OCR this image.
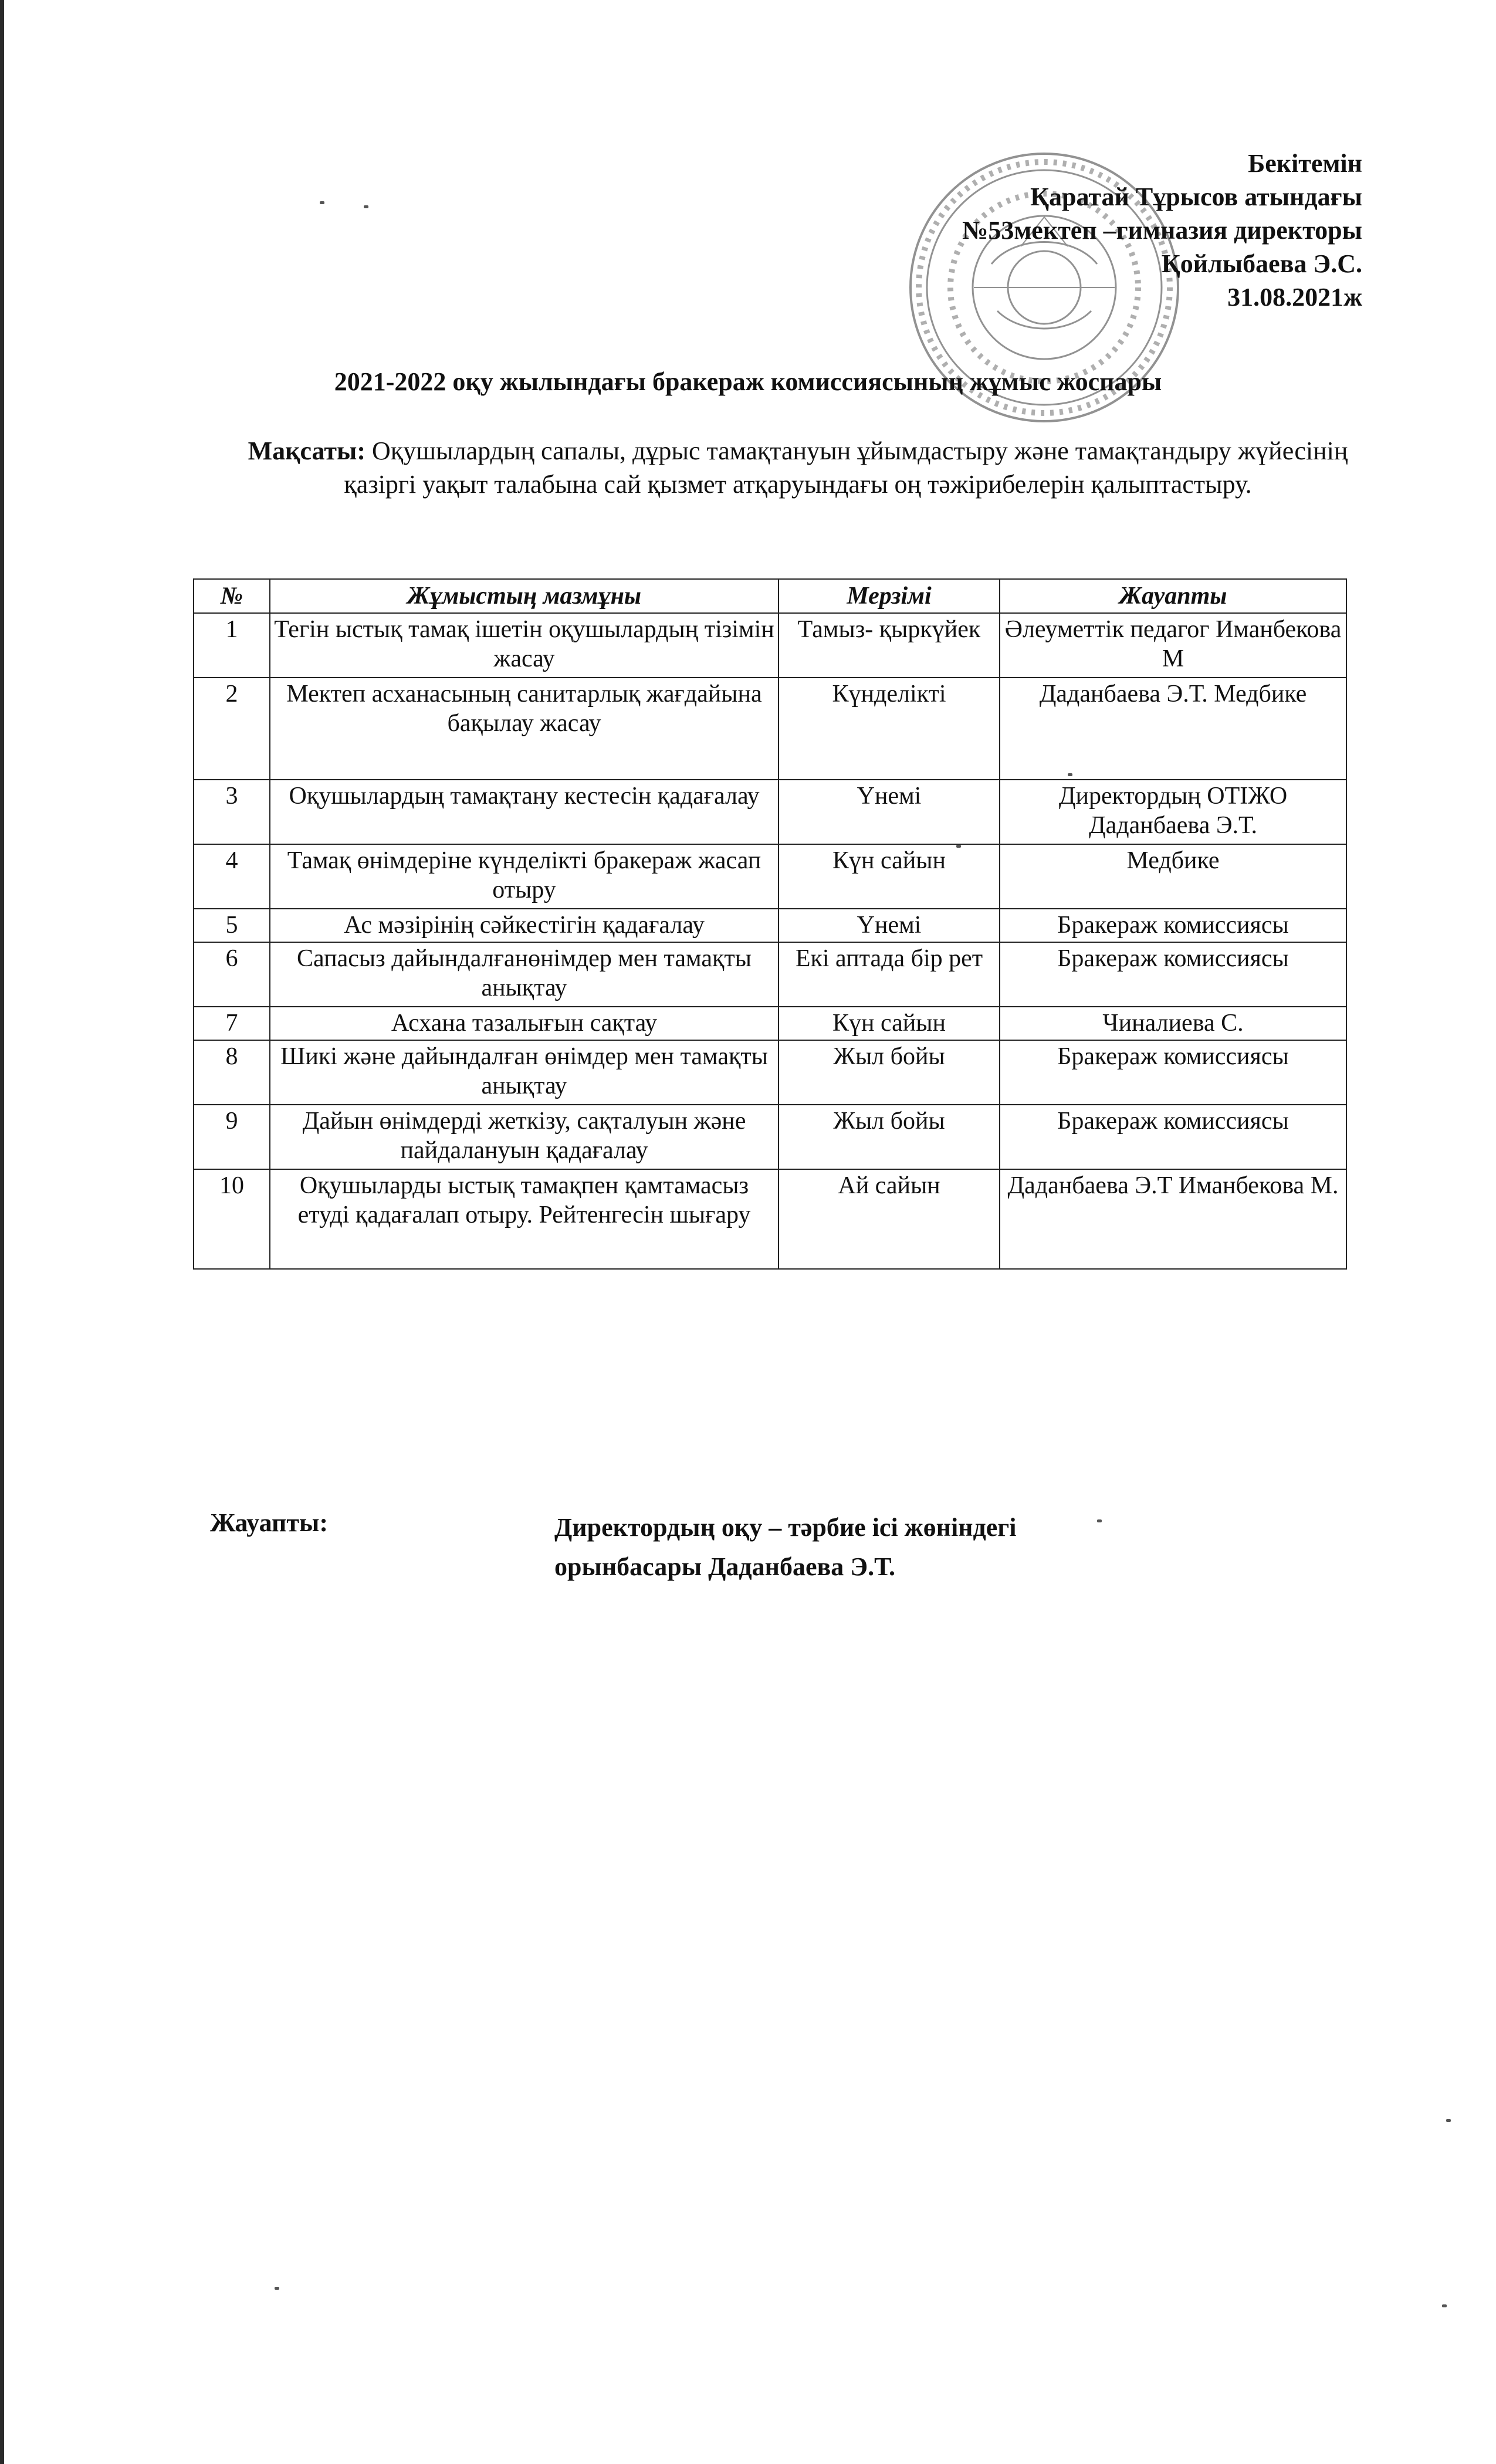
Бекітемін
Қаратай Тұрысов атындағы
№53мектеп –гимназия директоры
Қойлыбаева Э.С.
31.08.2021ж
2021-2022 оқу жылындағы бракераж комиссиясының жұмыс жоспары
Мақсаты: Оқушылардың сапалы, дұрыс тамақтануын ұйымдастыру және тамақтандыру жүйесінің қазіргі уақыт талабына сай қызмет атқаруындағы оң тәжірибелерін қалыптастыру.
№	Жұмыстың мазмұны	Мерзімі	Жауапты
1	Тегін ыстық тамақ ішетін оқушылардың тізімін жасау	Тамыз- қыркүйек	Әлеуметтік педагог Иманбекова М
2	Мектеп асханасының санитарлық жағдайына бақылау жасау	Күнделікті	Даданбаева Э.Т. Медбике
3	Оқушылардың тамақтану кестесін қадағалау	Үнемі	Директордың ОТІЖО Даданбаева Э.Т.
4	Тамақ өнімдеріне күнделікті бракераж жасап отыру	Күн сайын	Медбике
5	Ас мәзірінің сәйкестігін қадағалау	Үнемі	Бракераж комиссиясы
6	Сапасыз дайындалғанөнімдер мен тамақты анықтау	Екі аптада бір рет	Бракераж комиссиясы
7	Асхана тазалығын сақтау	Күн сайын	Чиналиева С.
8	Шикі және дайындалған өнімдер мен тамақты анықтау	Жыл бойы	Бракераж комиссиясы
9	Дайын өнімдерді жеткізу, сақталуын және пайдалануын қадағалау	Жыл бойы	Бракераж комиссиясы
10	Оқушыларды ыстық тамақпен қамтамасыз етуді қадағалап отыру. Рейтенгесін шығару	Ай сайын	Даданбаева Э.Т Иманбекова М.
Жауапты:	Директордың оқу – тәрбие ісі жөніндегі
орынбасары Даданбаева Э.Т.
